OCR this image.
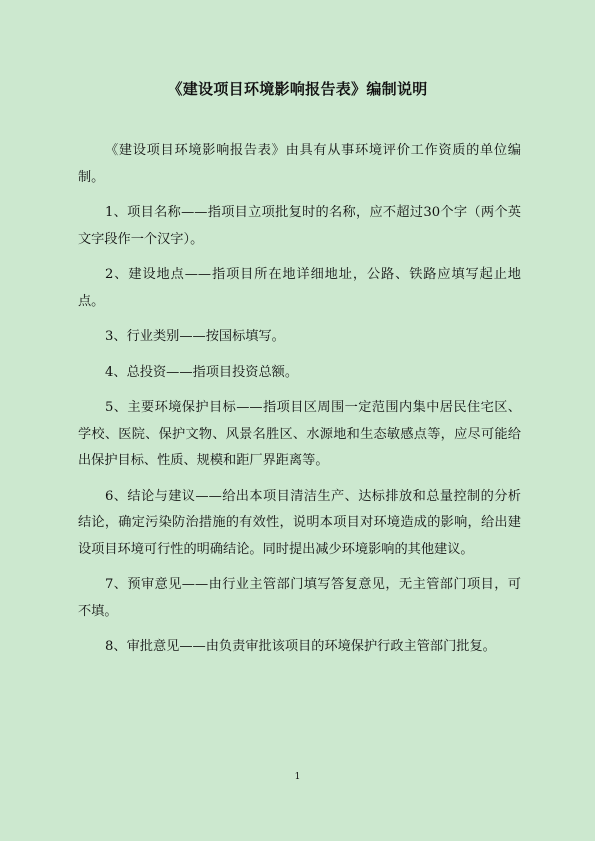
《建设项目环境影响报告表》编制说明

《建设项目环境影响报告表》由具有从事环境评价工作资质的单位编制。

1、项目名称——指项目立项批复时的名称，应不超过30个字（两个英文字段作一个汉字）。

2、建设地点——指项目所在地详细地址，公路、铁路应填写起止地点。

3、行业类别——按国标填写。

4、总投资——指项目投资总额。

5、主要环境保护目标——指项目区周围一定范围内集中居民住宅区、学校、医院、保护文物、风景名胜区、水源地和生态敏感点等，应尽可能给出保护目标、性质、规模和距厂界距离等。

6、结论与建议——给出本项目清洁生产、达标排放和总量控制的分析结论，确定污染防治措施的有效性，说明本项目对环境造成的影响，给出建设项目环境可行性的明确结论。同时提出减少环境影响的其他建议。

7、预审意见——由行业主管部门填写答复意见，无主管部门项目，可不填。

8、审批意见——由负责审批该项目的环境保护行政主管部门批复。

1
